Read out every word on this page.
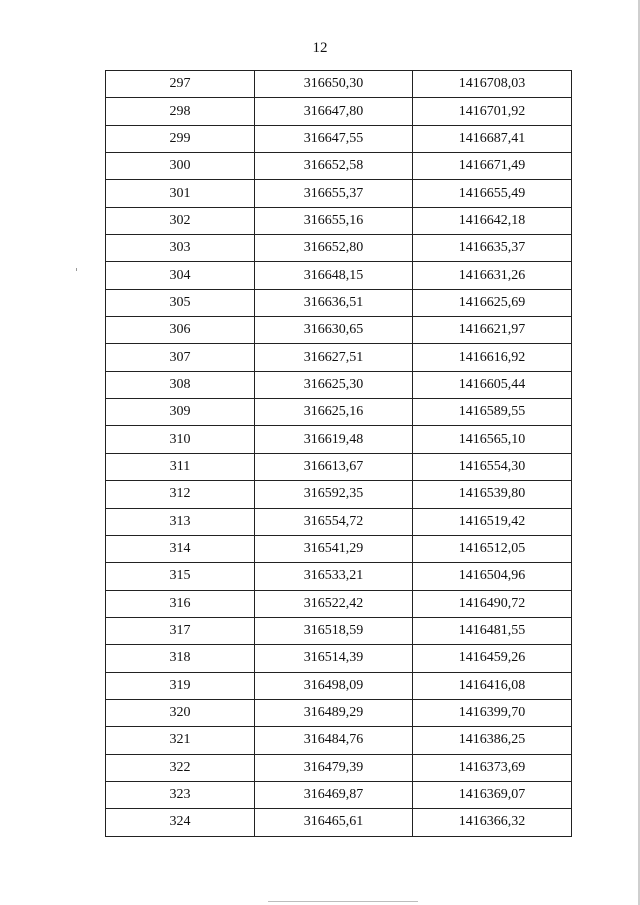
12
297	316650,30	1416708,03
298	316647,80	1416701,92
299	316647,55	1416687,41
300	316652,58	1416671,49
301	316655,37	1416655,49
302	316655,16	1416642,18
303	316652,80	1416635,37
304	316648,15	1416631,26
305	316636,51	1416625,69
306	316630,65	1416621,97
307	316627,51	1416616,92
308	316625,30	1416605,44
309	316625,16	1416589,55
310	316619,48	1416565,10
311	316613,67	1416554,30
312	316592,35	1416539,80
313	316554,72	1416519,42
314	316541,29	1416512,05
315	316533,21	1416504,96
316	316522,42	1416490,72
317	316518,59	1416481,55
318	316514,39	1416459,26
319	316498,09	1416416,08
320	316489,29	1416399,70
321	316484,76	1416386,25
322	316479,39	1416373,69
323	316469,87	1416369,07
324	316465,61	1416366,32
